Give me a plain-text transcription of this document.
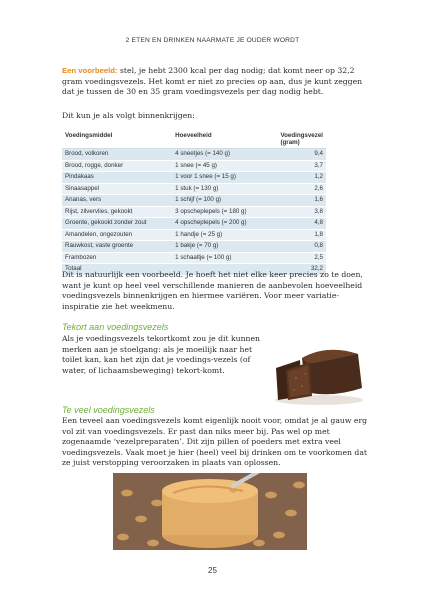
2 ETEN EN DRINKEN NAARMATE JE OUDER WORDT

Een voorbeeld: stel, je hebt 2300 kcal per dag nodig; dat komt neer op 32,2 gram voedingsvezels. Het komt er niet zo precies op aan, dus je kunt zeggen dat je tussen de 30 en 35 gram voedingsvezels per dag nodig hebt.

Dit kun je als volgt binnenkrijgen:

Voedingsmiddel	Hoeveelheid	Voedingsvezel (gram)
Brood, volkoren	4 sneetjes (= 140 g)	9,4
Brood, rogge, donker	1 snee (= 45 g)	3,7
Pindakaas	1 voor 1 snee (= 15 g)	1,2
Sinaasappel	1 stuk (= 130 g)	2,6
Ananas, vers	1 schijf (= 100 g)	1,6
Rijst, zilvervlies, gekookt	3 opscheplepels (= 180 g)	3,8
Groente, gekookt zonder zout	4 opscheplepels (= 200 g)	4,8
Amandelen, ongezouten	1 handje (= 25 g)	1,8
Rauwkost, vaste groente	1 bakje (= 70 g)	0,8
Frambozen	1 schaaltje (= 100 g)	2,5
Totaal		32,2

Dit is natuurlijk een voorbeeld. Je hoeft het niet elke keer precies zo te doen, want je kunt op heel veel verschillende manieren de aanbevolen hoeveelheid voedingsvezels binnenkrijgen en hiermee variëren. Voor meer variatie-inspiratie zie het weekmenu.

Tekort aan voedingsvezels

Als je voedingsvezels tekortkomt zou je dit kunnen merken aan je stoelgang: als je moeilijk naar het toilet kan, kan het zijn dat je voedings-vezels (of water, of lichaamsbeweging) tekort-komt.

Te veel voedingsvezels

Een teveel aan voedingsvezels komt eigenlijk nooit voor, omdat je al gauw erg vol zit van voedingsvezels. Er past dan niks meer bij. Pas wel op met zogenaamde ‘vezelpreparaten’. Dit zijn pillen of poeders met extra veel voedingsvezels. Vaak moet je hier (heel) veel bij drinken om te voorkomen dat ze juist verstopping veroorzaken in plaats van oplossen.

25
